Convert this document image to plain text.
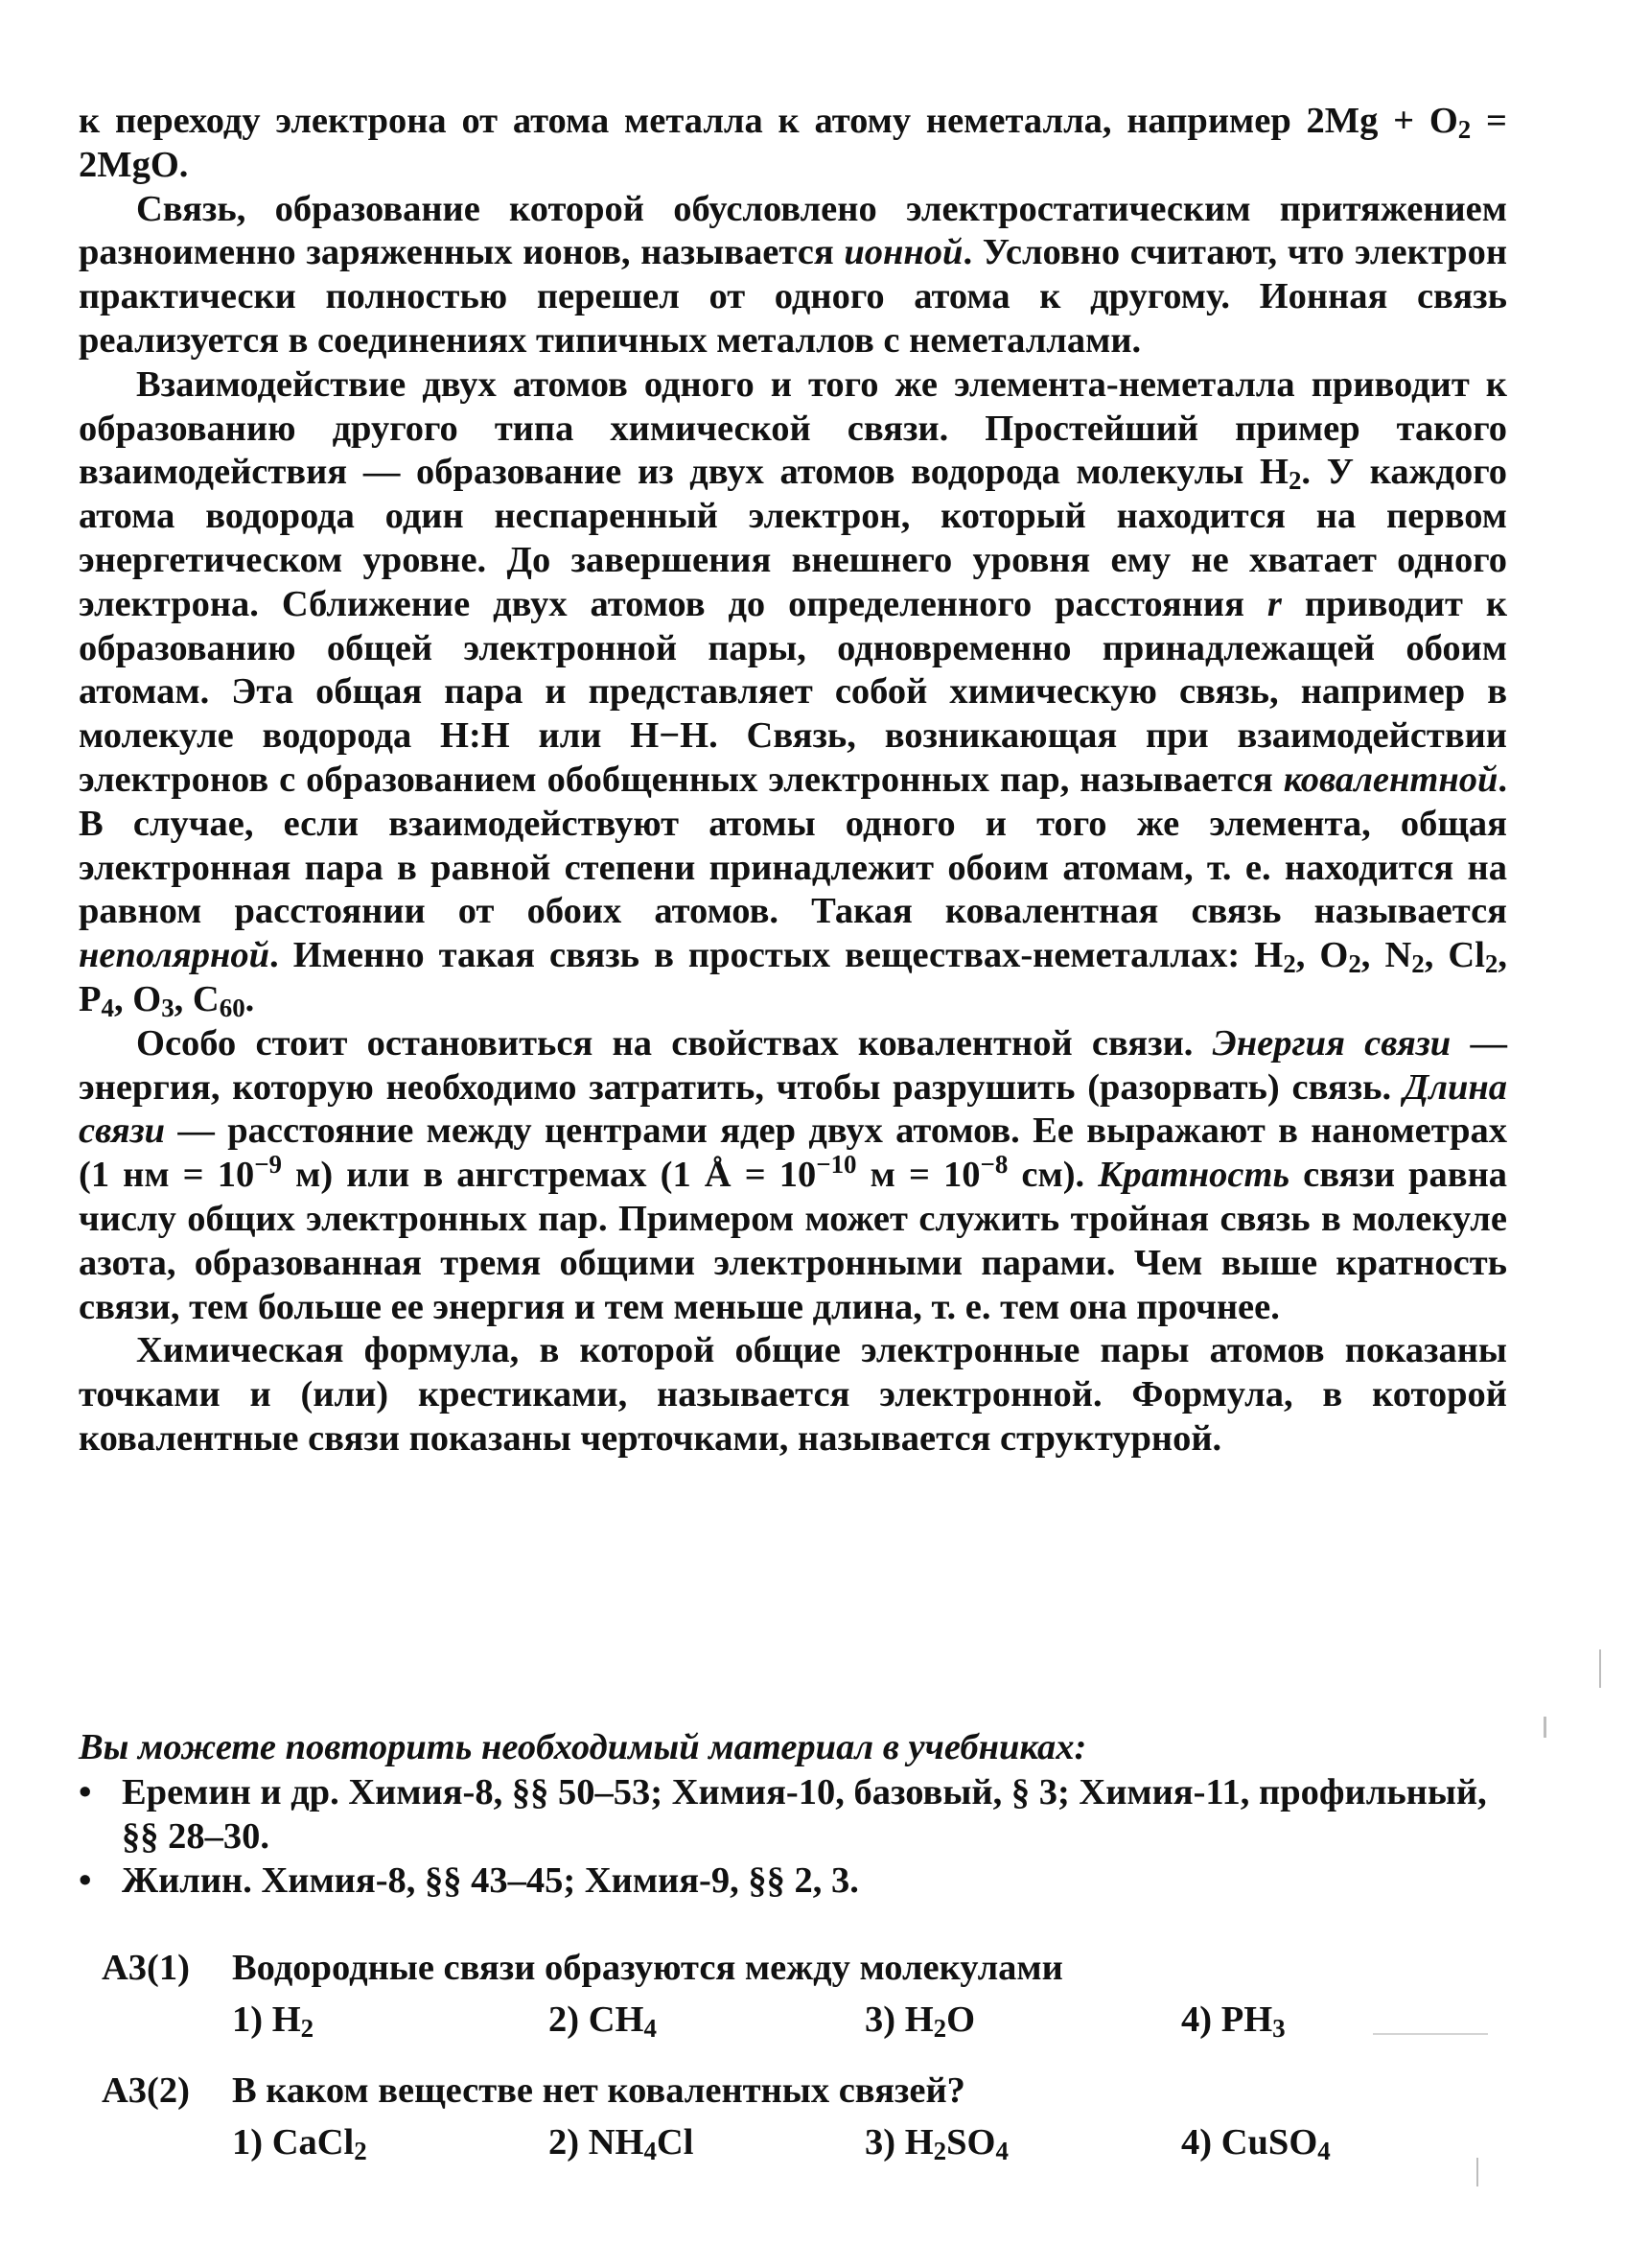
к переходу электрона от атома металла к атому неметалла, например $2Mg + O_2 = 2MgO$.

Связь, образование которой обусловлено электростатическим притяжением разноименно заряженных ионов, называется ионной. Условно считают, что электрон практически полностью перешел от одного атома к другому. Ионная связь реализуется в соединениях типичных металлов с неметаллами.

Взаимодействие двух атомов одного и того же элемента-неметалла приводит к образованию другого типа химической связи. Простейший пример такого взаимодействия — образование из двух атомов водорода молекулы $H_2$. У каждого атома водорода один неспаренный электрон, который находится на первом энергетическом уровне. До завершения внешнего уровня ему не хватает одного электрона. Сближение двух атомов до определенного расстояния r приводит к образованию общей электронной пары, одновременно принадлежащей обоим атомам. Эта общая пара и представляет собой химическую связь, например в молекуле водорода H:H или H−H. Связь, возникающая при взаимодействии электронов с образованием обобщенных электронных пар, называется ковалентной. В случае, если взаимодействуют атомы одного и того же элемента, общая электронная пара в равной степени принадлежит обоим атомам, т. е. находится на равном расстоянии от обоих атомов. Такая ковалентная связь называется неполярной. Именно такая связь в простых веществах-неметаллах: $H_2$, $O_2$, $N_2$, $Cl_2$, $P_4$, $O_3$, $C_{60}$.

Особо стоит остановиться на свойствах ковалентной связи. Энергия связи — энергия, которую необходимо затратить, чтобы разрушить (разорвать) связь. Длина связи — расстояние между центрами ядер двух атомов. Ее выражают в нанометрах (1 нм = $10^{-9}$ м) или в ангстремах (1 Å = $10^{-10}$ $м = 10^{-8}$ см). Кратность связи равна числу общих электронных пар. Примером может служить тройная связь в молекуле азота, образованная тремя общими электронными парами. Чем выше кратность связи, тем больше ее энергия и тем меньше длина, т. е. тем она прочнее.

Химическая формула, в которой общие электронные пары атомов показаны точками и (или) крестиками, называется электронной. Формула, в которой ковалентные связи показаны черточками, называется структурной.

Вы можете повторить необходимый материал в учебниках:

• Еремин и др. Химия-8, §§ 50–53; Химия-10, базовый, § 3; Химия-11, профильный, §§ 28–30.
• Жилин. Химия-8, §§ 43–45; Химия-9, §§ 2, 3.
А3(1)	Водородные связи образуются между молекулами
1) $H_2$	2) $CH_4$	3) $H_2O$	4) $PH_3$
А3(2)	В каком веществе нет ковалентных связей?
1) CaCl$_2$	2) $NH_4Cl$	3) $H_2SO_4$	4) CuSO$_4$
